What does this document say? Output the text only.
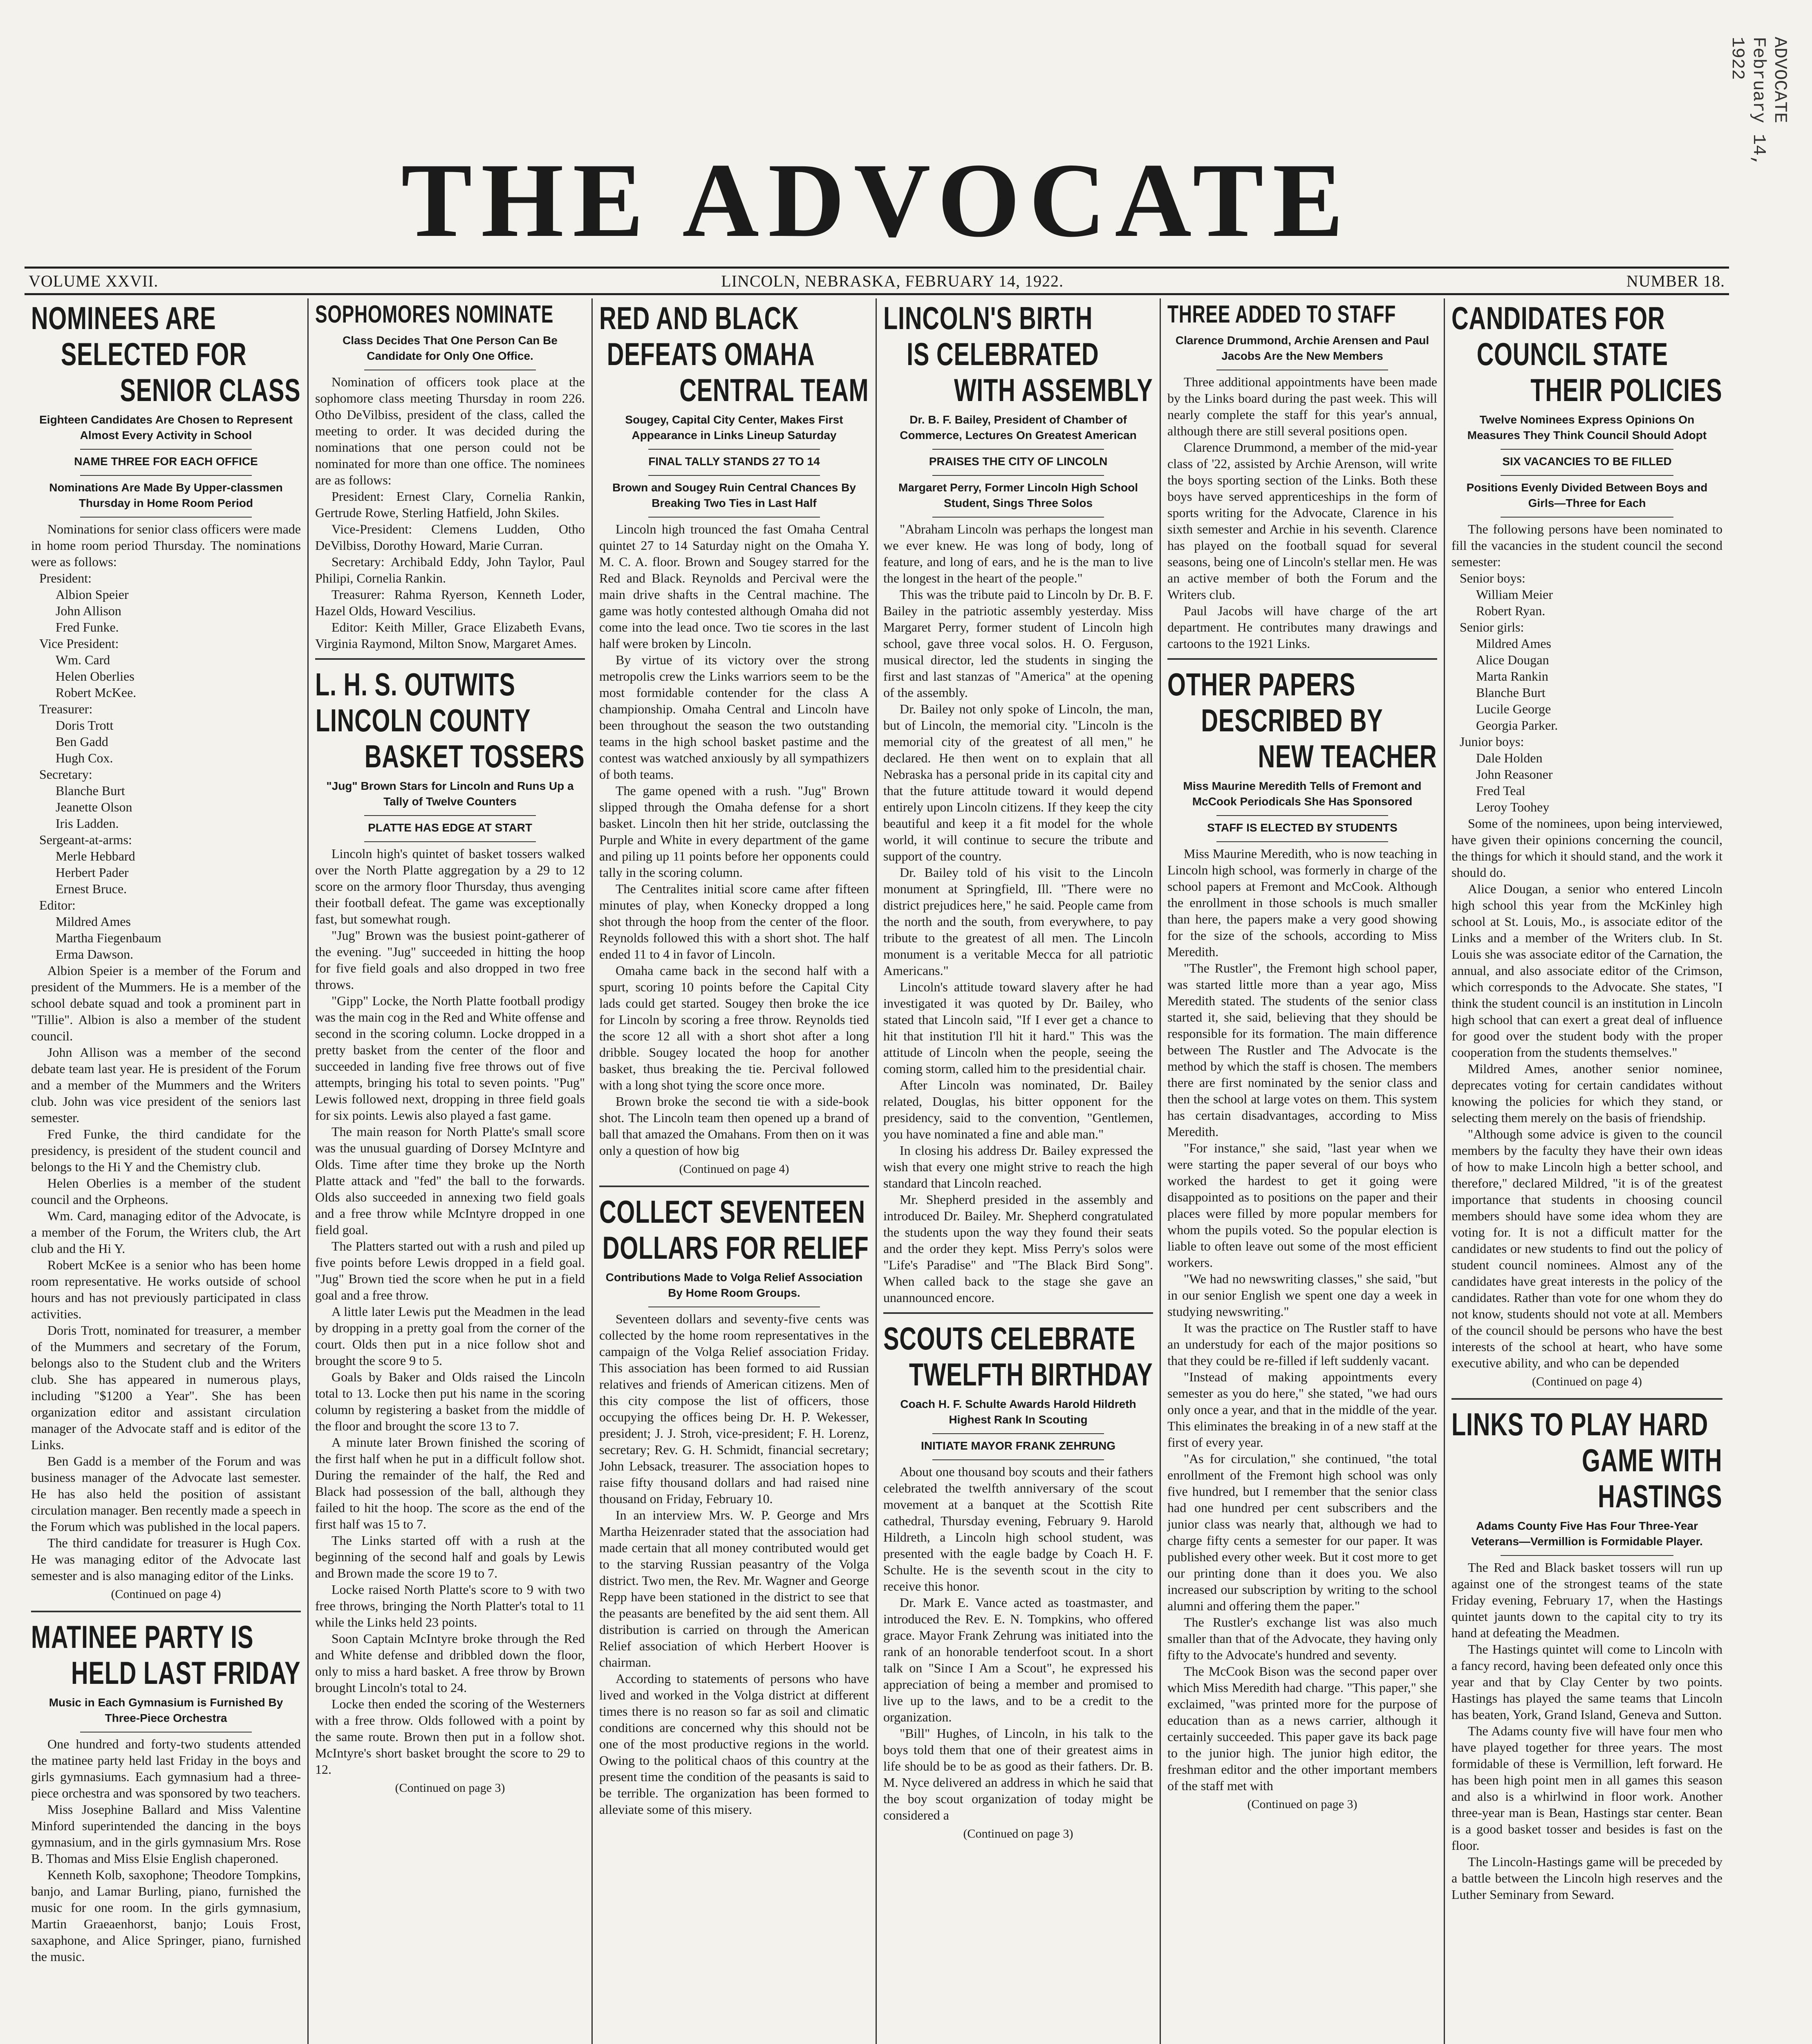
ADVOCATE February 14, 1922
THE ADVOCATE
VOLUME XXVII.	LINCOLN, NEBRASKA, FEBRUARY 14, 1922.	NUMBER 18.
NOMINEES ARE

SELECTED FOR
SENIOR CLASS
Eighteen Candidates Are Chosen to Represent Almost Every Activity in School
NAME THREE FOR EACH OFFICE
Nominations Are Made By Upper-classmen Thursday in Home Room Period

Nominations for senior class officers were made in home room period Thursday. The nominations were as follows:

President:
Albion Speier
John Allison
Fred Funke.
Vice President:
Wm. Card
Helen Oberlies
Robert McKee.
Treasurer:
Doris Trott
Ben Gadd
Hugh Cox.
Secretary:
Blanche Burt
Jeanette Olson
Iris Ladden.
Sergeant-at-arms:
Merle Hebbard
Herbert Pader
Ernest Bruce.
Editor:
Mildred Ames
Martha Fiegenbaum
Erma Dawson.

Albion Speier is a member of the Forum and president of the Mummers. He is a member of the school debate squad and took a prominent part in "Tillie". Albion is also a member of the student council.

John Allison was a member of the second debate team last year. He is president of the Forum and a member of the Mummers and the Writers club. John was vice president of the seniors last semester.

Fred Funke, the third candidate for the presidency, is president of the student council and belongs to the Hi Y and the Chemistry club.

Helen Oberlies is a member of the student council and the Orpheons.

Wm. Card, managing editor of the Advocate, is a member of the Forum, the Writers club, the Art club and the Hi Y.

Robert McKee is a senior who has been home room representative. He works outside of school hours and has not previously participated in class activities.

Doris Trott, nominated for treasurer, a member of the Mummers and secretary of the Forum, belongs also to the Student club and the Writers club. She has appeared in numerous plays, including "$1200 a Year". She has been organization editor and assistant circulation manager of the Advocate staff and is editor of the Links.

Ben Gadd is a member of the Forum and was business manager of the Advocate last semester. He has also held the position of assistant circulation manager. Ben recently made a speech in the Forum which was published in the local papers.

The third candidate for treasurer is Hugh Cox. He was managing editor of the Advocate last semester and is also managing editor of the Links.

(Continued on page 4)
MATINEE PARTY IS

HELD LAST FRIDAY
Music in Each Gymnasium is Furnished By Three-Piece Orchestra

One hundred and forty-two students attended the matinee party held last Friday in the boys and girls gymnasiums. Each gymnasium had a three-piece orchestra and was sponsored by two teachers.

Miss Josephine Ballard and Miss Valentine Minford superintended the dancing in the boys gymnasium, and in the girls gymnasium Mrs. Rose B. Thomas and Miss Elsie English chaperoned.

Kenneth Kolb, saxophone; Theodore Tompkins, banjo, and Lamar Burling, piano, furnished the music for one room. In the girls gymnasium, Martin Graeaenhorst, banjo; Louis Frost, saxaphone, and Alice Springer, piano, furnished the music.

SOPHOMORES NOMINATE
Class Decides That One Person Can Be Candidate for Only One Office.

Nomination of officers took place at the sophomore class meeting Thursday in room 226. Otho DeVilbiss, president of the class, called the meeting to order. It was decided during the nominations that one person could not be nominated for more than one office. The nominees are as follows:

President: Ernest Clary, Cornelia Rankin, Gertrude Rowe, Sterling Hatfield, John Skiles.

Vice-President: Clemens Ludden, Otho DeVilbiss, Dorothy Howard, Marie Curran.

Secretary: Archibald Eddy, John Taylor, Paul Philipi, Cornelia Rankin.

Treasurer: Rahma Ryerson, Kenneth Loder, Hazel Olds, Howard Vescilius.

Editor: Keith Miller, Grace Elizabeth Evans, Virginia Raymond, Milton Snow, Margaret Ames.

L. H. S. OUTWITS

LINCOLN COUNTY
BASKET TOSSERS
"Jug" Brown Stars for Lincoln and Runs Up a Tally of Twelve Counters
PLATTE HAS EDGE AT START

Lincoln high's quintet of basket tossers walked over the North Platte aggregation by a 29 to 12 score on the armory floor Thursday, thus avenging their football defeat. The game was exceptionally fast, but somewhat rough.

"Jug" Brown was the busiest point-gatherer of the evening. "Jug" succeeded in hitting the hoop for five field goals and also dropped in two free throws.

"Gipp" Locke, the North Platte football prodigy was the main cog in the Red and White offense and second in the scoring column. Locke dropped in a pretty basket from the center of the floor and succeeded in landing five free throws out of five attempts, bringing his total to seven points. "Pug" Lewis followed next, dropping in three field goals for six points. Lewis also played a fast game.

The main reason for North Platte's small score was the unusual guarding of Dorsey McIntyre and Olds. Time after time they broke up the North Platte attack and "fed" the ball to the forwards. Olds also succeeded in annexing two field goals and a free throw while McIntyre dropped in one field goal.

The Platters started out with a rush and piled up five points before Lewis dropped in a field goal. "Jug" Brown tied the score when he put in a field goal and a free throw.

A little later Lewis put the Meadmen in the lead by dropping in a pretty goal from the corner of the court. Olds then put in a nice follow shot and brought the score 9 to 5.

Goals by Baker and Olds raised the Lincoln total to 13. Locke then put his name in the scoring column by registering a basket from the middle of the floor and brought the score 13 to 7.

A minute later Brown finished the scoring of the first half when he put in a difficult follow shot. During the remainder of the half, the Red and Black had possession of the ball, although they failed to hit the hoop. The score as the end of the first half was 15 to 7.

The Links started off with a rush at the beginning of the second half and goals by Lewis and Brown made the score 19 to 7.

Locke raised North Platte's score to 9 with two free throws, bringing the North Platter's total to 11 while the Links held 23 points.

Soon Captain McIntyre broke through the Red and White defense and dribbled down the floor, only to miss a hard basket. A free throw by Brown brought Lincoln's total to 24.

Locke then ended the scoring of the Westerners with a free throw. Olds followed with a point by the same route. Brown then put in a follow shot. McIntyre's short basket brought the score to 29 to 12.

(Continued on page 3)
RED AND BLACK

DEFEATS OMAHA
CENTRAL TEAM
Sougey, Capital City Center, Makes First Appearance in Links Lineup Saturday
FINAL TALLY STANDS 27 TO 14
Brown and Sougey Ruin Central Chances By Breaking Two Ties in Last Half

Lincoln high trounced the fast Omaha Central quintet 27 to 14 Saturday night on the Omaha Y. M. C. A. floor. Brown and Sougey starred for the Red and Black. Reynolds and Percival were the main drive shafts in the Central machine. The game was hotly contested although Omaha did not come into the lead once. Two tie scores in the last half were broken by Lincoln.

By virtue of its victory over the strong metropolis crew the Links warriors seem to be the most formidable contender for the class A championship. Omaha Central and Lincoln have been throughout the season the two outstanding teams in the high school basket pastime and the contest was watched anxiously by all sympathizers of both teams.

The game opened with a rush. "Jug" Brown slipped through the Omaha defense for a short basket. Lincoln then hit her stride, outclassing the Purple and White in every department of the game and piling up 11 points before her opponents could tally in the scoring column.

The Centralites initial score came after fifteen minutes of play, when Konecky dropped a long shot through the hoop from the center of the floor. Reynolds followed this with a short shot. The half ended 11 to 4 in favor of Lincoln.

Omaha came back in the second half with a spurt, scoring 10 points before the Capital City lads could get started. Sougey then broke the ice for Lincoln by scoring a free throw. Reynolds tied the score 12 all with a short shot after a long dribble. Sougey located the hoop for another basket, thus breaking the tie. Percival followed with a long shot tying the score once more.

Brown broke the second tie with a side-book shot. The Lincoln team then opened up a brand of ball that amazed the Omahans. From then on it was only a question of how big

(Continued on page 4)
COLLECT SEVENTEEN

DOLLARS FOR RELIEF
Contributions Made to Volga Relief Association By Home Room Groups.

Seventeen dollars and seventy-five cents was collected by the home room representatives in the campaign of the Volga Relief association Friday. This association has been formed to aid Russian relatives and friends of American citizens. Men of this city compose the list of officers, those occupying the offices being Dr. H. P. Wekesser, president; J. J. Stroh, vice-president; F. H. Lorenz, secretary; Rev. G. H. Schmidt, financial secretary; John Lebsack, treasurer. The association hopes to raise fifty thousand dollars and had raised nine thousand on Friday, February 10.

In an interview Mrs. W. P. George and Mrs Martha Heizenrader stated that the association had made certain that all money contributed would get to the starving Russian peasantry of the Volga district. Two men, the Rev. Mr. Wagner and George Repp have been stationed in the district to see that the peasants are benefited by the aid sent them. All distribution is carried on through the American Relief association of which Herbert Hoover is chairman.

According to statements of persons who have lived and worked in the Volga district at different times there is no reason so far as soil and climatic conditions are concerned why this should not be one of the most productive regions in the world. Owing to the political chaos of this country at the present time the condition of the peasants is said to be terrible. The organization has been formed to alleviate some of this misery.

LINCOLN'S BIRTH

IS CELEBRATED
WITH ASSEMBLY
Dr. B. F. Bailey, President of Chamber of Commerce, Lectures On Greatest American
PRAISES THE CITY OF LINCOLN
Margaret Perry, Former Lincoln High School Student, Sings Three Solos

"Abraham Lincoln was perhaps the longest man we ever knew. He was long of body, long of feature, and long of ears, and he is the man to live the longest in the heart of the people."

This was the tribute paid to Lincoln by Dr. B. F. Bailey in the patriotic assembly yesterday. Miss Margaret Perry, former student of Lincoln high school, gave three vocal solos. H. O. Ferguson, musical director, led the students in singing the first and last stanzas of "America" at the opening of the assembly.

Dr. Bailey not only spoke of Lincoln, the man, but of Lincoln, the memorial city. "Lincoln is the memorial city of the greatest of all men," he declared. He then went on to explain that all Nebraska has a personal pride in its capital city and that the future attitude toward it would depend entirely upon Lincoln citizens. If they keep the city beautiful and keep it a fit model for the whole world, it will continue to secure the tribute and support of the country.

Dr. Bailey told of his visit to the Lincoln monument at Springfield, Ill. "There were no district prejudices here," he said. People came from the north and the south, from everywhere, to pay tribute to the greatest of all men. The Lincoln monument is a veritable Mecca for all patriotic Americans."

Lincoln's attitude toward slavery after he had investigated it was quoted by Dr. Bailey, who stated that Lincoln said, "If I ever get a chance to hit that institution I'll hit it hard." This was the attitude of Lincoln when the people, seeing the coming storm, called him to the presidential chair.

After Lincoln was nominated, Dr. Bailey related, Douglas, his bitter opponent for the presidency, said to the convention, "Gentlemen, you have nominated a fine and able man."

In closing his address Dr. Bailey expressed the wish that every one might strive to reach the high standard that Lincoln reached.

Mr. Shepherd presided in the assembly and introduced Dr. Bailey. Mr. Shepherd congratulated the students upon the way they found their seats and the order they kept. Miss Perry's solos were "Life's Paradise" and "The Black Bird Song". When called back to the stage she gave an unannounced encore.

SCOUTS CELEBRATE

TWELFTH BIRTHDAY
Coach H. F. Schulte Awards Harold Hildreth Highest Rank In Scouting
INITIATE MAYOR FRANK ZEHRUNG

About one thousand boy scouts and their fathers celebrated the twelfth anniversary of the scout movement at a banquet at the Scottish Rite cathedral, Thursday evening, February 9. Harold Hildreth, a Lincoln high school student, was presented with the eagle badge by Coach H. F. Schulte. He is the seventh scout in the city to receive this honor.

Dr. Mark E. Vance acted as toastmaster, and introduced the Rev. E. N. Tompkins, who offered grace. Mayor Frank Zehrung was initiated into the rank of an honorable tenderfoot scout. In a short talk on "Since I Am a Scout", he expressed his appreciation of being a member and promised to live up to the laws, and to be a credit to the organization.

"Bill" Hughes, of Lincoln, in his talk to the boys told them that one of their greatest aims in life should be to be as good as their fathers. Dr. B. M. Nyce delivered an address in which he said that the boy scout organization of today might be considered a

(Continued on page 3)
THREE ADDED TO STAFF
Clarence Drummond, Archie Arensen and Paul Jacobs Are the New Members

Three additional appointments have been made by the Links board during the past week. This will nearly complete the staff for this year's annual, although there are still several positions open.

Clarence Drummond, a member of the mid-year class of '22, assisted by Archie Arenson, will write the boys sporting section of the Links. Both these boys have served apprenticeships in the form of sports writing for the Advocate, Clarence in his sixth semester and Archie in his seventh. Clarence has played on the football squad for several seasons, being one of Lincoln's stellar men. He was an active member of both the Forum and the Writers club.

Paul Jacobs will have charge of the art department. He contributes many drawings and cartoons to the 1921 Links.

OTHER PAPERS

DESCRIBED BY
NEW TEACHER
Miss Maurine Meredith Tells of Fremont and McCook Periodicals She Has Sponsored
STAFF IS ELECTED BY STUDENTS

Miss Maurine Meredith, who is now teaching in Lincoln high school, was formerly in charge of the school papers at Fremont and McCook. Although the enrollment in those schools is much smaller than here, the papers make a very good showing for the size of the schools, according to Miss Meredith.

"The Rustler", the Fremont high school paper, was started little more than a year ago, Miss Meredith stated. The students of the senior class started it, she said, believing that they should be responsible for its formation. The main difference between The Rustler and The Advocate is the method by which the staff is chosen. The members there are first nominated by the senior class and then the school at large votes on them. This system has certain disadvantages, according to Miss Meredith.

"For instance," she said, "last year when we were starting the paper several of our boys who worked the hardest to get it going were disappointed as to positions on the paper and their places were filled by more popular members for whom the pupils voted. So the popular election is liable to often leave out some of the most efficient workers.

"We had no newswriting classes," she said, "but in our senior English we spent one day a week in studying newswriting."

It was the practice on The Rustler staff to have an understudy for each of the major positions so that they could be re-filled if left suddenly vacant.

"Instead of making appointments every semester as you do here," she stated, "we had ours only once a year, and that in the middle of the year. This eliminates the breaking in of a new staff at the first of every year.

"As for circulation," she continued, "the total enrollment of the Fremont high school was only five hundred, but I remember that the senior class had one hundred per cent subscribers and the junior class was nearly that, although we had to charge fifty cents a semester for our paper. It was published every other week. But it cost more to get our printing done than it does you. We also increased our subscription by writing to the school alumni and offering them the paper."

The Rustler's exchange list was also much smaller than that of the Advocate, they having only fifty to the Advocate's hundred and seventy.

The McCook Bison was the second paper over which Miss Meredith had charge. "This paper," she exclaimed, "was printed more for the purpose of education than as a news carrier, although it certainly succeeded. This paper gave its back page to the junior high. The junior high editor, the freshman editor and the other important members of the staff met with

(Continued on page 3)
CANDIDATES FOR

COUNCIL STATE
THEIR POLICIES
Twelve Nominees Express Opinions On Measures They Think Council Should Adopt
SIX VACANCIES TO BE FILLED
Positions Evenly Divided Between Boys and Girls—Three for Each

The following persons have been nominated to fill the vacancies in the student council the second semester:

Senior boys:
William Meier
Robert Ryan.
Senior girls:
Mildred Ames
Alice Dougan
Marta Rankin
Blanche Burt
Lucile George
Georgia Parker.
Junior boys:
Dale Holden
John Reasoner
Fred Teal
Leroy Toohey

Some of the nominees, upon being interviewed, have given their opinions concerning the council, the things for which it should stand, and the work it should do.

Alice Dougan, a senior who entered Lincoln high school this year from the McKinley high school at St. Louis, Mo., is associate editor of the Links and a member of the Writers club. In St. Louis she was associate editor of the Carnation, the annual, and also associate editor of the Crimson, which corresponds to the Advocate. She states, "I think the student council is an institution in Lincoln high school that can exert a great deal of influence for good over the student body with the proper cooperation from the students themselves."

Mildred Ames, another senior nominee, deprecates voting for certain candidates without knowing the policies for which they stand, or selecting them merely on the basis of friendship.

"Although some advice is given to the council members by the faculty they have their own ideas of how to make Lincoln high a better school, and therefore," declared Mildred, "it is of the greatest importance that students in choosing council members should have some idea whom they are voting for. It is not a difficult matter for the candidates or new students to find out the policy of student council nominees. Almost any of the candidates have great interests in the policy of the candidates. Rather than vote for one whom they do not know, students should not vote at all. Members of the council should be persons who have the best interests of the school at heart, who have some executive ability, and who can be depended

(Continued on page 4)
LINKS TO PLAY HARD

GAME WITH HASTINGS
Adams County Five Has Four Three-Year Veterans—Vermillion is Formidable Player.

The Red and Black basket tossers will run up against one of the strongest teams of the state Friday evening, February 17, when the Hastings quintet jaunts down to the capital city to try its hand at defeating the Meadmen.

The Hastings quintet will come to Lincoln with a fancy record, having been defeated only once this year and that by Clay Center by two points. Hastings has played the same teams that Lincoln has beaten, York, Grand Island, Geneva and Sutton.

The Adams county five will have four men who have played together for three years. The most formidable of these is Vermillion, left forward. He has been high point men in all games this season and also is a whirlwind in floor work. Another three-year man is Bean, Hastings star center. Bean is a good basket tosser and besides is fast on the floor.

The Lincoln-Hastings game will be preceded by a battle between the Lincoln high reserves and the Luther Seminary from Seward.
